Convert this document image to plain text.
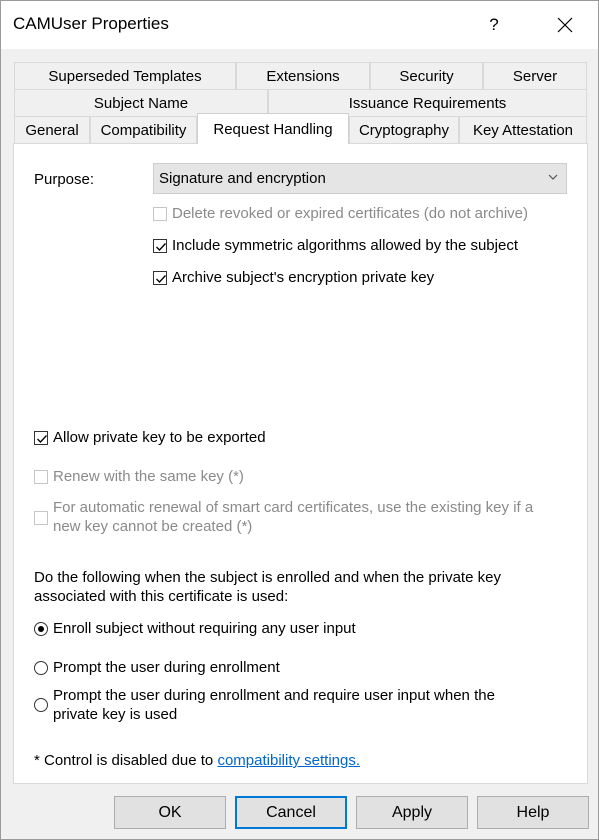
CAMUser Properties	?
Superseded Templates	Extensions	Security	Server
Subject Name	Issuance Requirements
General Compatibility Request Handling Cryptography Key Attestation
Purpose:	Signature and encryption
Delete revoked or expired certificates (do not archive)
Include symmetric algorithms allowed by the subject
Archive subject's encryption private key
Allow private key to be exported
Renew with the same key (*)
For automatic renewal of smart card certificates, use the existing key if a
new key cannot be created (*)
Do the following when the subject is enrolled and when the private key
associated with this certificate is used:
Enroll subject without requiring any user input
Prompt the user during enrollment
Prompt the user during enrollment and require user input when the
private key is used
* Control is disabled due to compatibility settings.
OK	Cancel	Apply	Help
